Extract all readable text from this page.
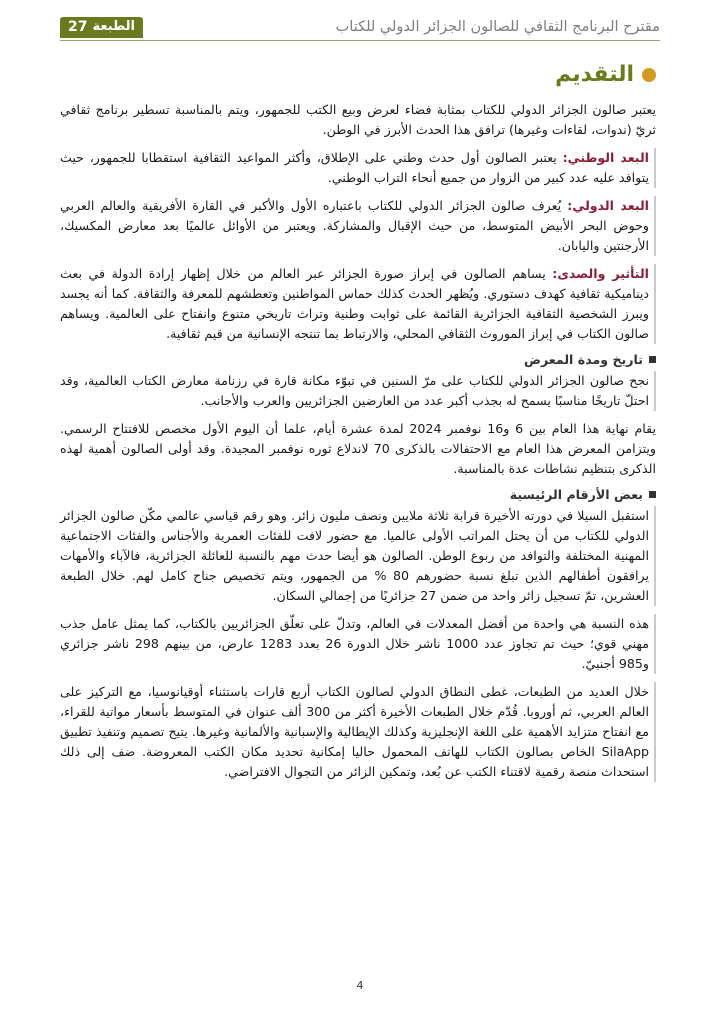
مقترح البرنامج الثقافي للصالون الجزائر الدولي للكتاب
الطبعة
27
التقديم

يعتبر صالون الجزائر الدولي للكتاب بمثابة فضاء لعرض وبيع الكتب للجمهور، ويتم بالمناسبة تسطير برنامج ثقافي ثريّ (ندوات، لقاءات وغيرها) ترافق هذا الحدث الأبرز في الوطن.

البعد الوطني: يعتبر الصالون أول حدث وطني على الإطلاق، وأكثر المواعيد الثقافية استقطابا للجمهور، حيث يتوافد عليه عدد كبير من الزوار من جميع أنحاء التراب الوطني.

البعد الدولي: يُعرف صالون الجزائر الدولي للكتاب باعتباره الأول والأكبر في القارة الأفريقية والعالم العربي وحوض البحر الأبيض المتوسط، من حيث الإقبال والمشاركة. ويعتبر من الأوائل عالميًا بعد معارض المكسيك، الأرجنتين واليابان.

التأثير والصدى: يساهم الصالون في إبراز صورة الجزائر عبر العالم من خلال إظهار إرادة الدولة في بعث ديناميكية ثقافية كهدف دستوري. ويُظهر الحدث كذلك حماس المواطنين وتعطشهم للمعرفة والثقافة. كما أنه يجسد ويبرز الشخصية الثقافية الجزائرية القائمة على ثوابت وطنية وتراث تاريخي متنوع وانفتاح على العالمية. ويساهم صالون الكتاب في إبراز الموروث الثقافي المحلي، والارتباط بما تنتجه الإنسانية من قيم ثقافية.

تاريخ ومدة المعرض

نجح صالون الجزائر الدولي للكتاب على مرّ السنين في تبوّء مكانة قارة في رزنامة معارض الكتاب العالمية، وقد احتلّ تاريخًا مناسبًا يسمح له بجذب أكبر عدد من العارضين الجزائريين والعرب والأجانب.

يقام نهاية هذا العام بين 6 و16 نوفمبر 2024 لمدة عشرة أيام، علما أن اليوم الأول مخصص للافتتاح الرسمي. ويتزامن المعرض هذا العام مع الاحتفالات بالذكرى 70 لاندلاع ثوره نوفمبر المجيدة. وقد أولى الصالون أهمية لهذه الذكرى بتنظيم نشاطات عدة بالمناسبة.

بعض الأرقام الرئيسية

استقبل السيلا في دورته الأخيرة قرابة ثلاثة ملايين ونصف مليون زائر. وهو رقم قياسي عالمي مكّن صالون الجزائر الدولي للكتاب من أن يحتل المراتب الأولى عالميا. مع حضور لافت للفئات العمرية والأجناس والفئات الاجتماعية المهنية المختلفة والتوافد من ربوع الوطن. الصالون هو أيضا حدث مهم بالنسبة للعائلة الجزائرية، فالآباء والأمهات يرافقون أطفالهم الذين تبلغ نسبة حضورهم 80 % من الجمهور، ويتم تخصيص جناح كامل لهم. خلال الطبعة العشرين، تمّ تسجيل زائر واحد من ضمن 27 جزائريًا من إجمالي السكان.

هذه النسبة هي واحدة من أفضل المعدلات في العالم، وتدلّ على تعلّق الجزائريين بالكتاب، كما يمثل عامل جذب مهني قوي؛ حيث تم تجاوز عدد 1000 ناشر خلال الدورة 26 بعدد 1283 عارض، من بينهم 298 ناشر جزائري و985 أجنبيّ.

خلال العديد من الطبعات، غطى النطاق الدولي لصالون الكتاب أربع قارات باستثناء أوقيانوسيا، مع التركيز على العالم العربي، ثم أوروبا. قُدّم خلال الطبعات الأخيرة أكثر من 300 ألف عنوان في المتوسط بأسعار مواتية للقراء، مع انفتاح متزايد الأهمية على اللغة الإنجليزية وكذلك الإيطالية والإسبانية والألمانية وغيرها. يتيح تصميم وتنفيذ تطبيق SilaApp الخاص بصالون الكتاب للهاتف المحمول حاليا إمكانية تحديد مكان الكتب المعروضة. ضف إلى ذلك استحداث منصة رقمية لاقتناء الكتب عن بُعد، وتمكين الزائر من التجوال الافتراضي.

4
